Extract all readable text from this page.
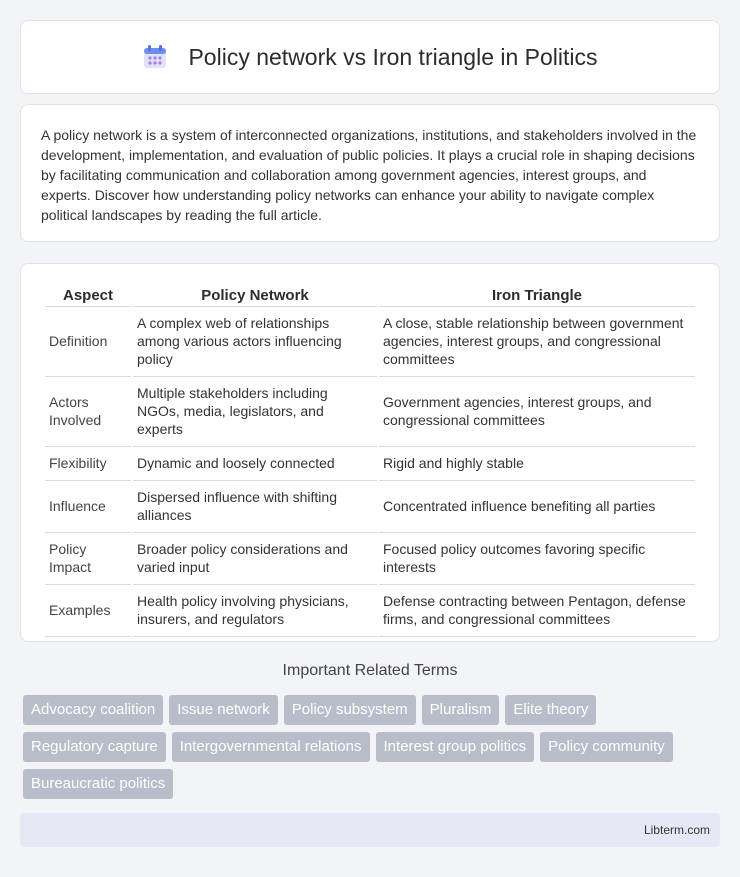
Policy network vs Iron triangle in Politics

A policy network is a system of interconnected organizations, institutions, and stakeholders involved in the development, implementation, and evaluation of public policies. It plays a crucial role in shaping decisions by facilitating communication and collaboration among government agencies, interest groups, and experts. Discover how understanding policy networks can enhance your ability to navigate complex political landscapes by reading the full article.

Aspect	Policy Network	Iron Triangle
Definition	A complex web of relationships among various actors influencing policy	A close, stable relationship between government agencies, interest groups, and congressional committees
Actors Involved	Multiple stakeholders including NGOs, media, legislators, and experts	Government agencies, interest groups, and congressional committees
Flexibility	Dynamic and loosely connected	Rigid and highly stable
Influence	Dispersed influence with shifting alliances	Concentrated influence benefiting all parties
Policy Impact	Broader policy considerations and varied input	Focused policy outcomes favoring specific interests
Examples	Health policy involving physicians, insurers, and regulators	Defense contracting between Pentagon, defense firms, and congressional committees
Important Related Terms
Advocacy coalition	Issue network	Policy subsystem	Pluralism	Elite theory
Regulatory capture	Intergovernmental relations	Interest group politics	Policy community
Bureaucratic politics
Libterm.com
